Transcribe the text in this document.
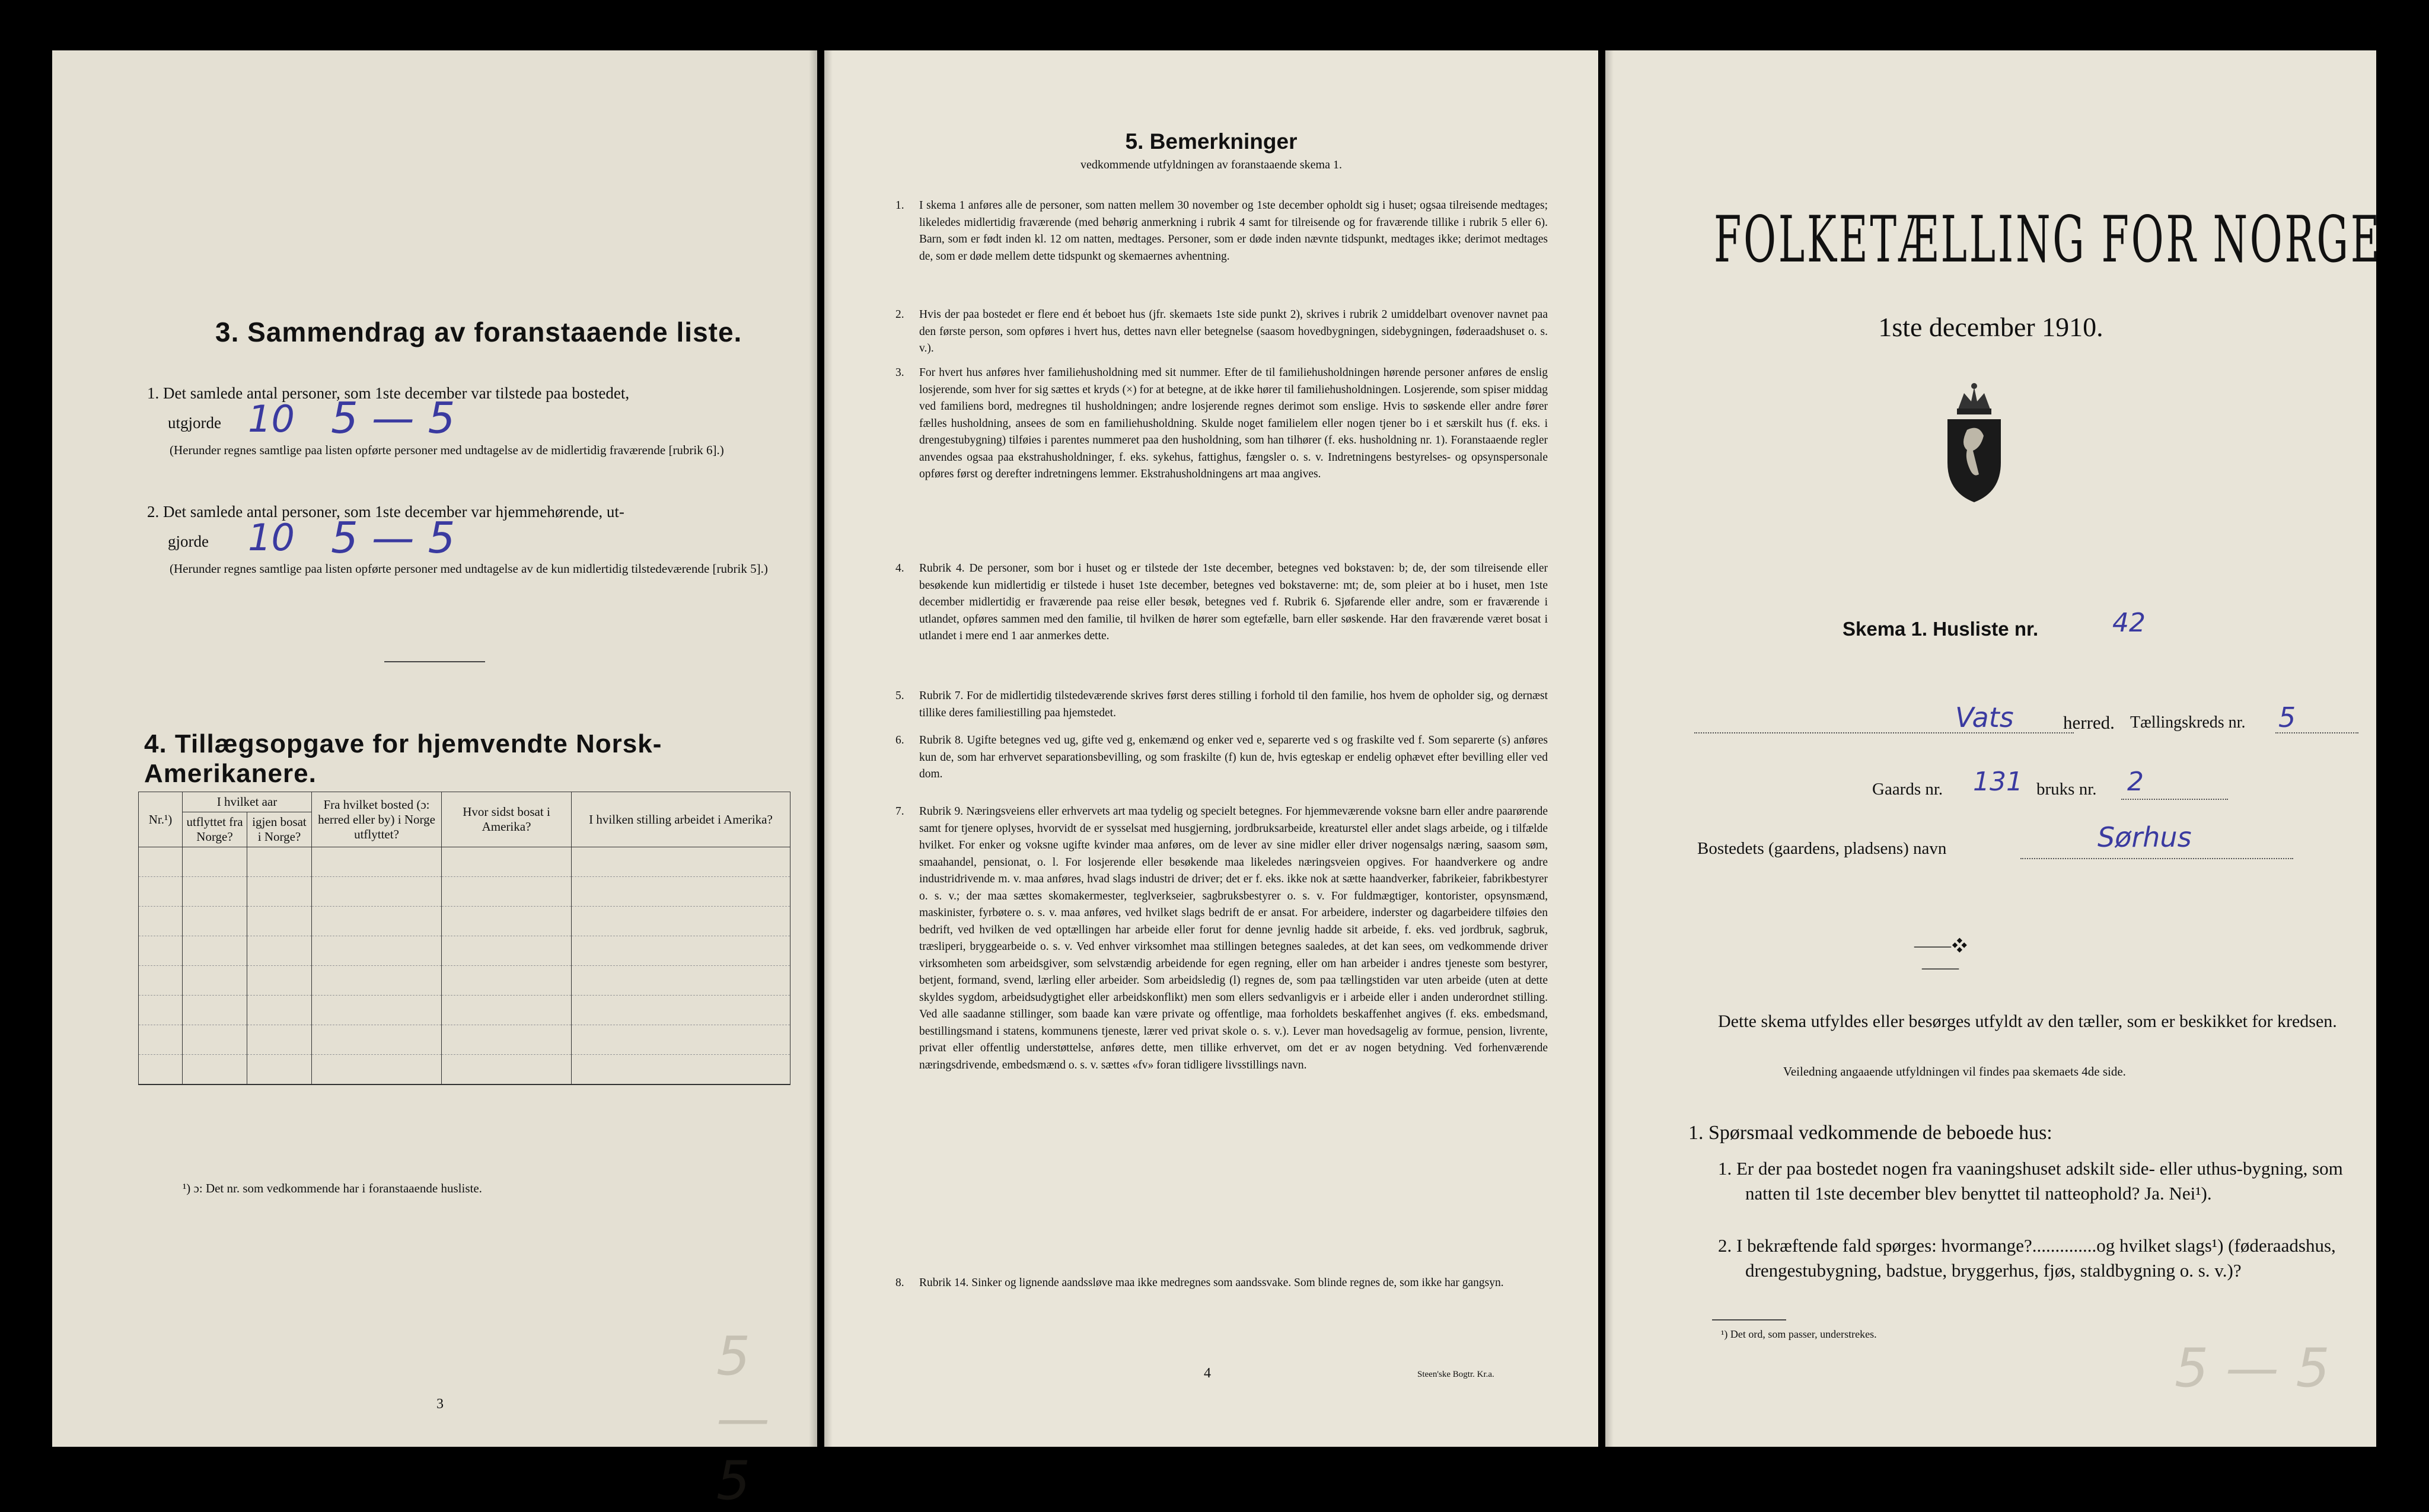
3. Sammendrag av foranstaaende liste.
1. Det samlede antal personer, som 1ste december var tilstede paa bostedet,
utgjorde 10 5 — 5
(Herunder regnes samtlige paa listen opførte personer med undtagelse av de midlertidig fraværende [rubrik 6].)
2. Det samlede antal personer, som 1ste december var hjemmehørende, ut-
gjorde 10 5 — 5
(Herunder regnes samtlige paa listen opførte personer med undtagelse av de kun midlertidig tilstedeværende [rubrik 5].)
4. Tillægsopgave for hjemvendte Norsk-Amerikanere.
Nr.¹)	I hvilket aar		Fra hvilket bosted (ɔ: herred eller by) i Norge utflyttet?	Hvor sidst bosat i Amerika?	I hvilken stilling arbeidet i Amerika?
	utflyttet fra Norge?	igjen bosat i Norge?			

¹) ɔ: Det nr. som vedkommende har i foranstaaende husliste.
3
5 — 5
5. Bemerkninger
vedkommende utfyldningen av foranstaaende skema 1.
1. I skema 1 anføres alle de personer, som natten mellem 30 november og 1ste december opholdt sig i huset; ogsaa tilreisende medtages; likeledes midlertidig fraværende (med behørig anmerkning i rubrik 4 samt for tilreisende og for fraværende tillike i rubrik 5 eller 6). Barn, som er født inden kl. 12 om natten, medtages. Personer, som er døde inden nævnte tidspunkt, medtages ikke; derimot medtages de, som er døde mellem dette tidspunkt og skemaernes avhentning.
2. Hvis der paa bostedet er flere end ét beboet hus (jfr. skemaets 1ste side punkt 2), skrives i rubrik 2 umiddelbart ovenover navnet paa den første person, som opføres i hvert hus, dettes navn eller betegnelse (saasom hovedbygningen, sidebygningen, føderaadshuset o. s. v.).
3. For hvert hus anføres hver familiehusholdning med sit nummer. Efter de til familiehusholdningen hørende personer anføres de enslig losjerende, som hver for sig sættes et kryds (×) for at betegne, at de ikke hører til familiehusholdningen. Losjerende, som spiser middag ved familiens bord, medregnes til husholdningen; andre losjerende regnes derimot som enslige. Hvis to søskende eller andre fører fælles husholdning, ansees de som en familiehusholdning. Skulde noget familielem eller nogen tjener bo i et særskilt hus (f. eks. i drengestubygning) tilføies i parentes nummeret paa den husholdning, som han tilhører (f. eks. husholdning nr. 1). Foranstaaende regler anvendes ogsaa paa ekstrahusholdninger, f. eks. sykehus, fattighus, fængsler o. s. v. Indretningens bestyrelses- og opsynspersonale opføres først og derefter indretningens lemmer. Ekstrahusholdningens art maa angives.
4. Rubrik 4. De personer, som bor i huset og er tilstede der 1ste december, betegnes ved bokstaven: b; de, der som tilreisende eller besøkende kun midlertidig er tilstede i huset 1ste december, betegnes ved bokstaverne: mt; de, som pleier at bo i huset, men 1ste december midlertidig er fraværende paa reise eller besøk, betegnes ved f. Rubrik 6. Sjøfarende eller andre, som er fraværende i utlandet, opføres sammen med den familie, til hvilken de hører som egtefælle, barn eller søskende. Har den fraværende været bosat i utlandet i mere end 1 aar anmerkes dette.
5. Rubrik 7. For de midlertidig tilstedeværende skrives først deres stilling i forhold til den familie, hos hvem de opholder sig, og dernæst tillike deres familiestilling paa hjemstedet.
6. Rubrik 8. Ugifte betegnes ved ug, gifte ved g, enkemænd og enker ved e, separerte ved s og fraskilte ved f. Som separerte (s) anføres kun de, som har erhvervet separationsbevilling, og som fraskilte (f) kun de, hvis egteskap er endelig ophævet efter bevilling eller ved dom.
7. Rubrik 9. Næringsveiens eller erhvervets art maa tydelig og specielt betegnes. For hjemmeværende voksne barn eller andre paarørende samt for tjenere oplyses, hvorvidt de er sysselsat med husgjerning, jordbruksarbeide, kreaturstel eller andet slags arbeide, og i tilfælde hvilket. For enker og voksne ugifte kvinder maa anføres, om de lever av sine midler eller driver nogensalgs næring, saasom søm, smaahandel, pensionat, o. l. For losjerende eller besøkende maa likeledes næringsveien opgives. For haandverkere og andre industridrivende m. v. maa anføres, hvad slags industri de driver; det er f. eks. ikke nok at sætte haandverker, fabrikeier, fabrikbestyrer o. s. v.; der maa sættes skomakermester, teglverkseier, sagbruksbestyrer o. s. v. For fuldmægtiger, kontorister, opsynsmænd, maskinister, fyrbøtere o. s. v. maa anføres, ved hvilket slags bedrift de er ansat. For arbeidere, inderster og dagarbeidere tilføies den bedrift, ved hvilken de ved optællingen har arbeide eller forut for denne jevnlig hadde sit arbeide, f. eks. ved jordbruk, sagbruk, træsliperi, bryggearbeide o. s. v. Ved enhver virksomhet maa stillingen betegnes saaledes, at det kan sees, om vedkommende driver virksomheten som arbeidsgiver, som selvstændig arbeidende for egen regning, eller om han arbeider i andres tjeneste som bestyrer, betjent, formand, svend, lærling eller arbeider. Som arbeidsledig (l) regnes de, som paa tællingstiden var uten arbeide (uten at dette skyldes sygdom, arbeidsudygtighet eller arbeidskonflikt) men som ellers sedvanligvis er i arbeide eller i anden underordnet stilling. Ved alle saadanne stillinger, som baade kan være private og offentlige, maa forholdets beskaffenhet angives (f. eks. embedsmand, bestillingsmand i statens, kommunens tjeneste, lærer ved privat skole o. s. v.). Lever man hovedsagelig av formue, pension, livrente, privat eller offentlig understøttelse, anføres dette, men tillike erhvervet, om det er av nogen betydning. Ved forhenværende næringsdrivende, embedsmænd o. s. v. sættes «fv» foran tidligere livsstillings navn.
8. Rubrik 14. Sinker og lignende aandssløve maa ikke medregnes som aandssvake. Som blinde regnes de, som ikke har gangsyn.
4	Steen'ske Bogtr. Kr.a.
FOLKETÆLLING FOR NORGE
1ste december 1910.
Skema 1. Husliste nr.	42
Vats	herred. Tællingskreds nr. 5
Gaards nr. 131 bruks nr. 2
Bostedets (gaardens, pladsens) navn	Sørhus
⸻❖⸻
Dette skema utfyldes eller besørges utfyldt av den tæller, som er beskikket for kredsen.
Veiledning angaaende utfyldningen vil findes paa skemaets 4de side.
1. Spørsmaal vedkommende de beboede hus:
1. Er der paa bostedet nogen fra vaaningshuset adskilt side- eller uthus-bygning, som natten til 1ste december blev benyttet til natteophold? Ja. Nei¹).
2. I bekræftende fald spørges: hvormange?..............og hvilket slags¹) (føderaadshus, drengestubygning, badstue, bryggerhus, fjøs, staldbygning o. s. v.)?
¹) Det ord, som passer, understrekes.
5 — 5
